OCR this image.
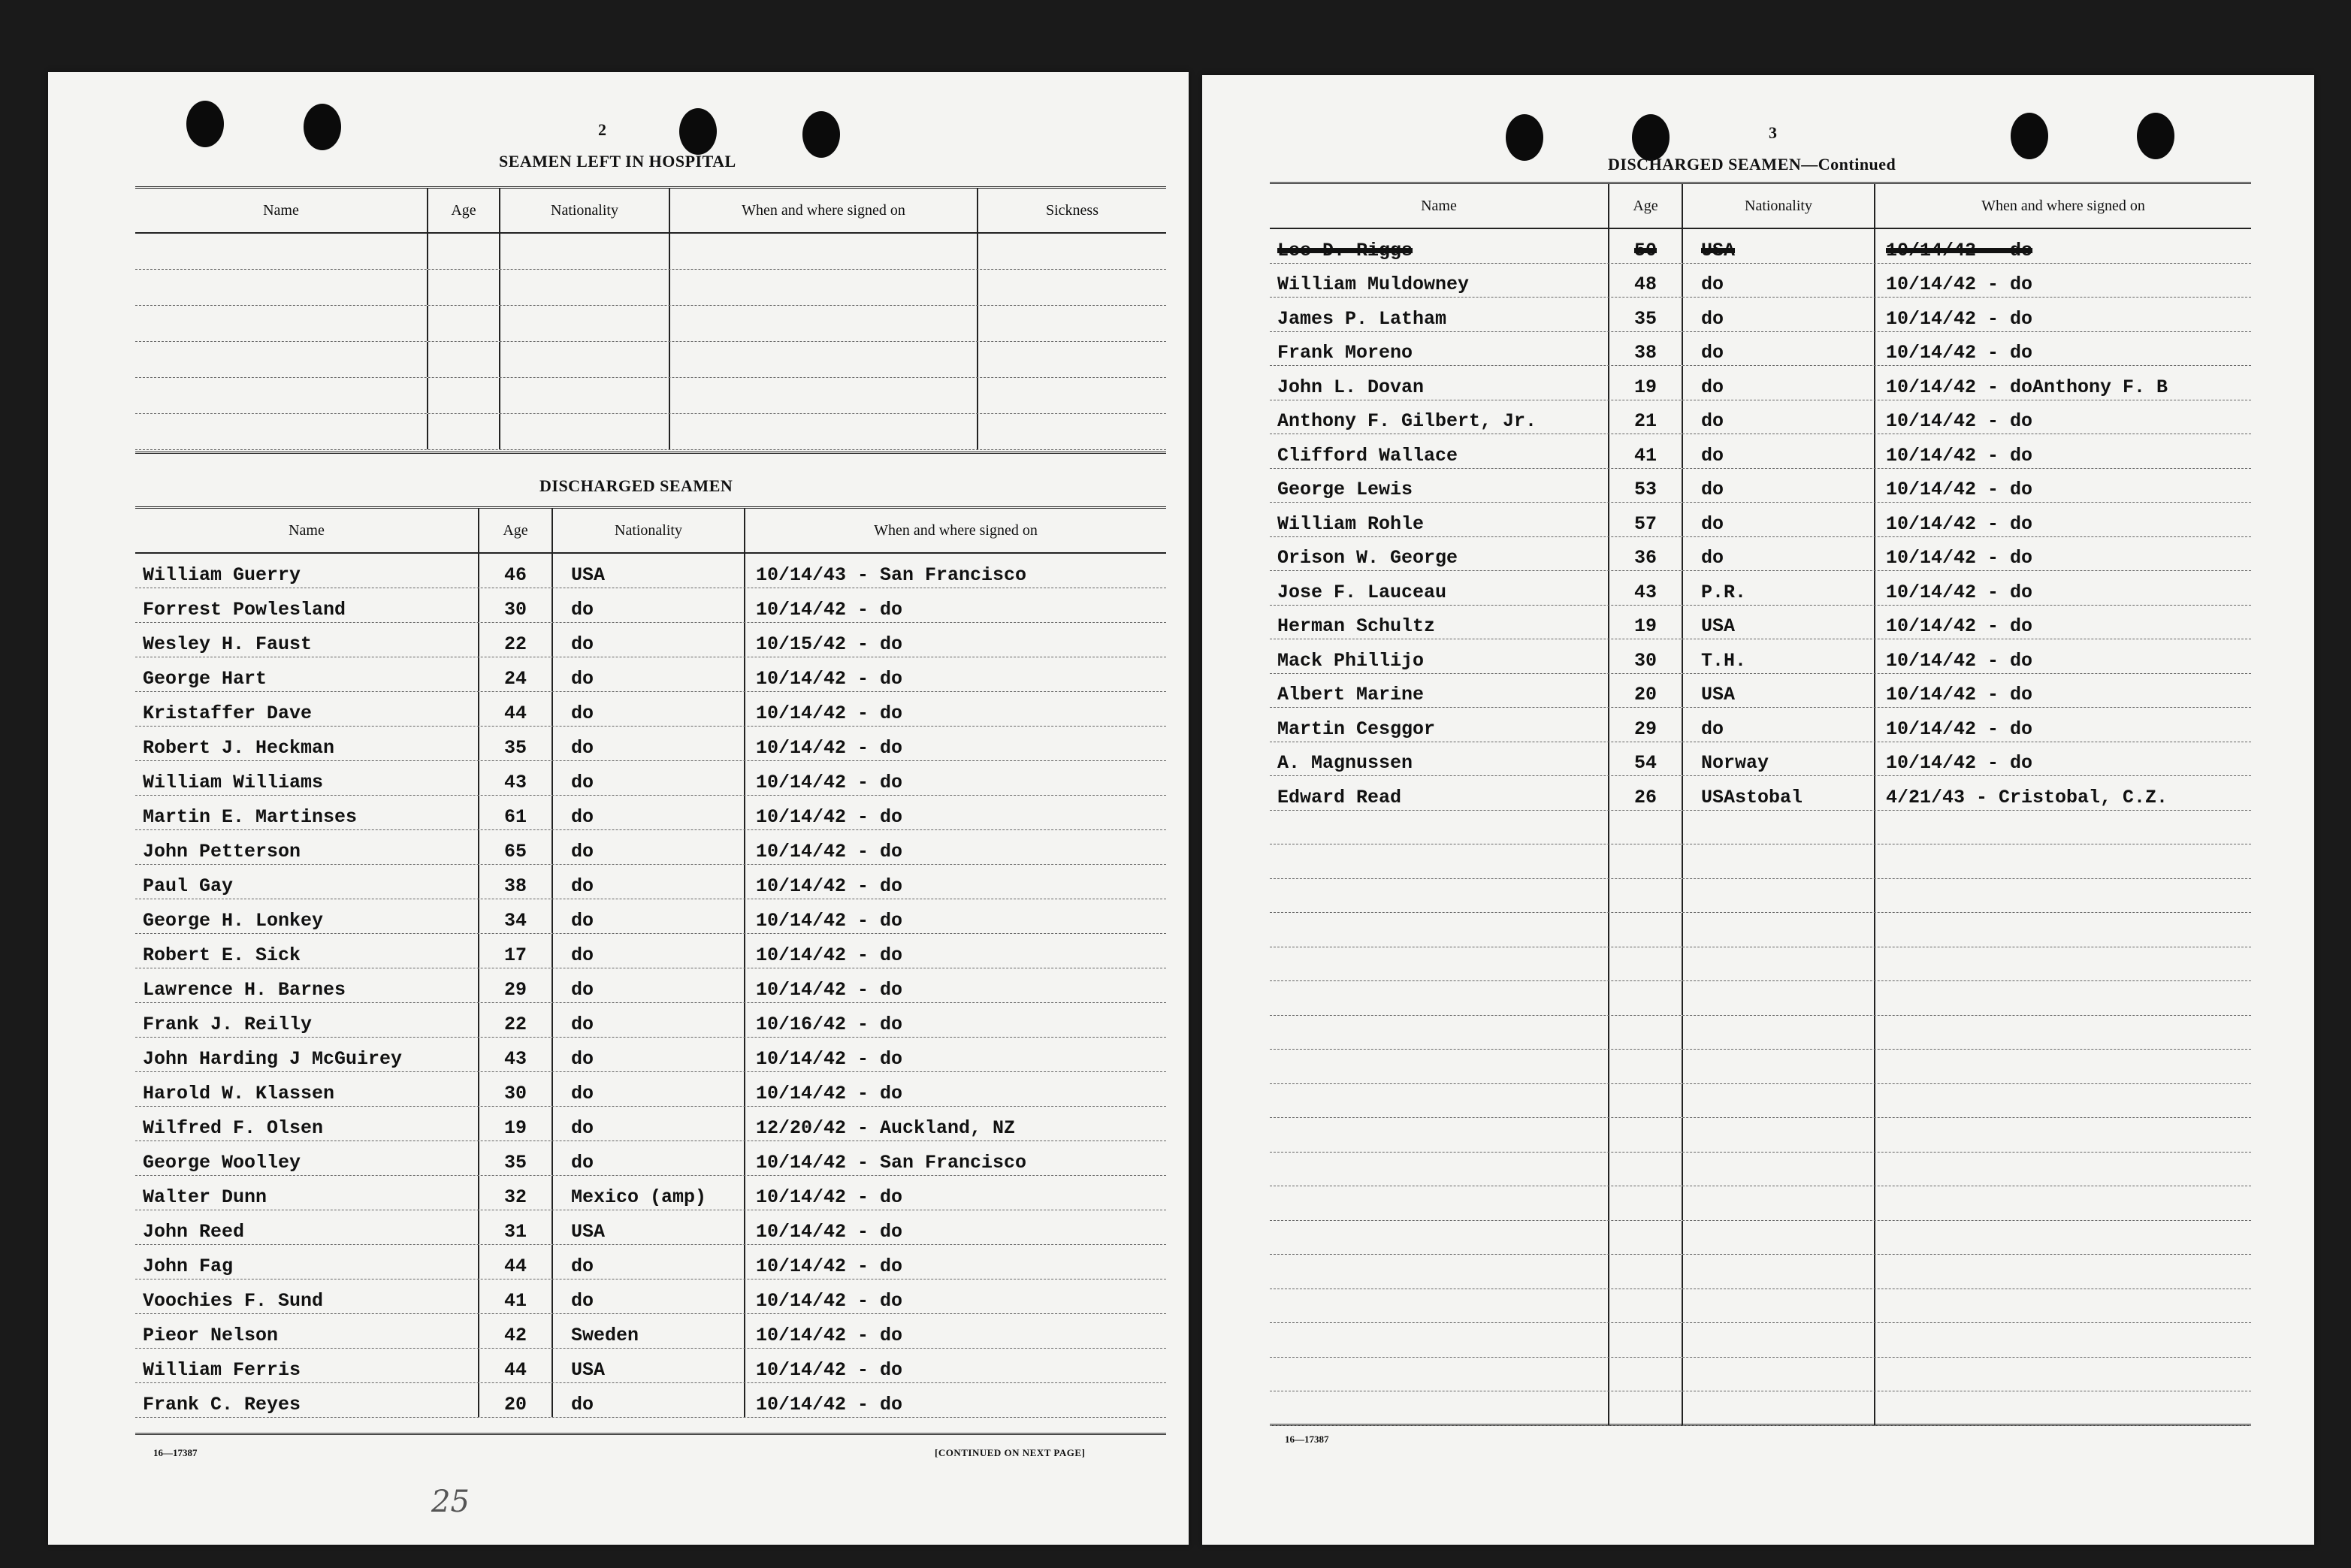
2
SEAMEN LEFT IN HOSPITAL
Name	Age	Nationality	When and where signed on	Sickness
DISCHARGED SEAMEN
Name	Age	Nationality	When and where signed on
William Guerry	46	USA	10/14/43 - San Francisco
Forrest Powlesland	30	do	10/14/42 - do
Wesley H. Faust	22	do	10/15/42 - do
George Hart	24	do	10/14/42 - do
Kristaffer Dave	44	do	10/14/42 - do
Robert J. Heckman	35	do	10/14/42 - do
William Williams	43	do	10/14/42 - do
Martin E. Martinses	61	do	10/14/42 - do
John Petterson	65	do	10/14/42 - do
Paul Gay	38	do	10/14/42 - do
George H. Lonkey	34	do	10/14/42 - do
Robert E. Sick	17	do	10/14/42 - do
Lawrence H. Barnes	29	do	10/14/42 - do
Frank J. Reilly	22	do	10/16/42 - do
John Harding J McGuirey	43	do	10/14/42 - do
Harold W. Klassen	30	do	10/14/42 - do
Wilfred F. Olsen	19	do	12/20/42 - Auckland, NZ
George Woolley	35	do	10/14/42 - San Francisco
Walter Dunn	32	Mexico (amp)	10/14/42 - do
John Reed	31	USA	10/14/42 - do
John Fag	44	do	10/14/42 - do
Voochies F. Sund	41	do	10/14/42 - do
Pieor Nelson	42	Sweden	10/14/42 - do
William Ferris	44	USA	10/14/42 - do
Frank C. Reyes	20	do	10/14/42 - do
16—17387	[CONTINUED ON NEXT PAGE]
25
3
DISCHARGED SEAMEN—Continued
Name	Age	Nationality	When and where signed on
Lee D. Riggs	50	USA	10/14/42 - do
William Muldowney	48	do	10/14/42 - do
James P. Latham	35	do	10/14/42 - do
Frank Moreno	38	do	10/14/42 - do
John L. Dovan	19	do	10/14/42 - doAnthony F. B
Anthony F. Gilbert, Jr.	21	do	10/14/42 - do
Clifford Wallace	41	do	10/14/42 - do
George Lewis	53	do	10/14/42 - do
William Rohle	57	do	10/14/42 - do
Orison W. George	36	do	10/14/42 - do
Jose F. Lauceau	43	P.R.	10/14/42 - do
Herman Schultz	19	USA	10/14/42 - do
Mack Phillijo	30	T.H.	10/14/42 - do
Albert Marine	20	USA	10/14/42 - do
Martin Cesggor	29	do	10/14/42 - do
A. Magnussen	54	Norway	10/14/42 - do
Edward Read	26	USAstobal	4/21/43 - Cristobal, C.Z.
16—17387
